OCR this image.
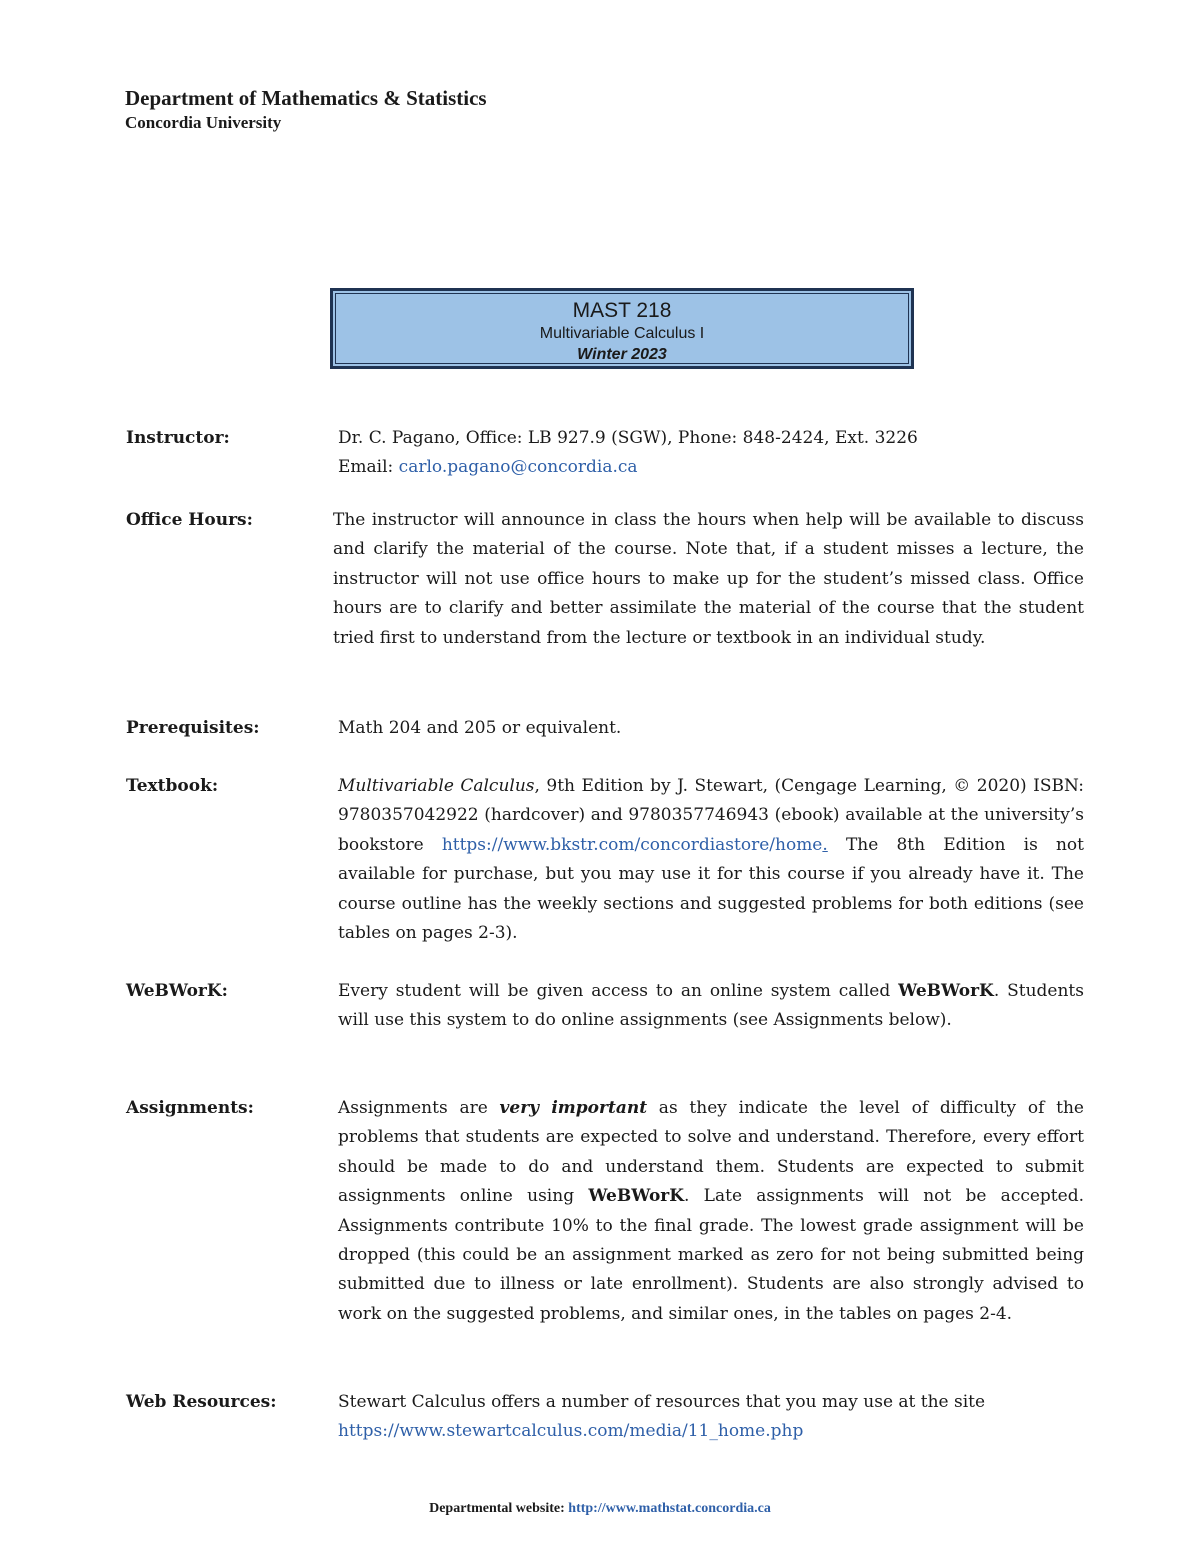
Department of Mathematics & Statistics
Concordia University
MAST 218
Multivariable Calculus I
Winter 2023
Instructor:	Dr. C. Pagano, Office: LB 927.9 (SGW), Phone: 848-2424, Ext. 3226
Email: carlo.pagano@concordia.ca
Office Hours:	The instructor will announce in class the hours when help will be available to discuss and clarify the material of the course. Note that, if a student misses a lecture, the instructor will not use office hours to make up for the student’s missed class. Office hours are to clarify and better assimilate the material of the course that the student tried first to understand from the lecture or textbook in an individual study.
Prerequisites:	Math 204 and 205 or equivalent.
Textbook:	Multivariable Calculus, 9th Edition by J. Stewart, (Cengage Learning, © 2020) ISBN: 9780357042922 (hardcover) and 9780357746943 (ebook) available at the university’s bookstore https://www.bkstr.com/concordiastore/home. The 8th Edition is not available for purchase, but you may use it for this course if you already have it. The course outline has the weekly sections and suggested problems for both editions (see tables on pages 2-3).
WeBWorK:	Every student will be given access to an online system called WeBWorK. Students will use this system to do online assignments (see Assignments below).
Assignments:	Assignments are very important as they indicate the level of difficulty of the problems that students are expected to solve and understand. Therefore, every effort should be made to do and understand them. Students are expected to submit assignments online using WeBWorK. Late assignments will not be accepted. Assignments contribute 10% to the final grade. The lowest grade assignment will be dropped (this could be an assignment marked as zero for not being submitted being submitted due to illness or late enrollment). Students are also strongly advised to work on the suggested problems, and similar ones, in the tables on pages 2-4.
Web Resources:	Stewart Calculus offers a number of resources that you may use at the site
https://www.stewartcalculus.com/media/11_home.php
Departmental website: http://www.mathstat.concordia.ca
